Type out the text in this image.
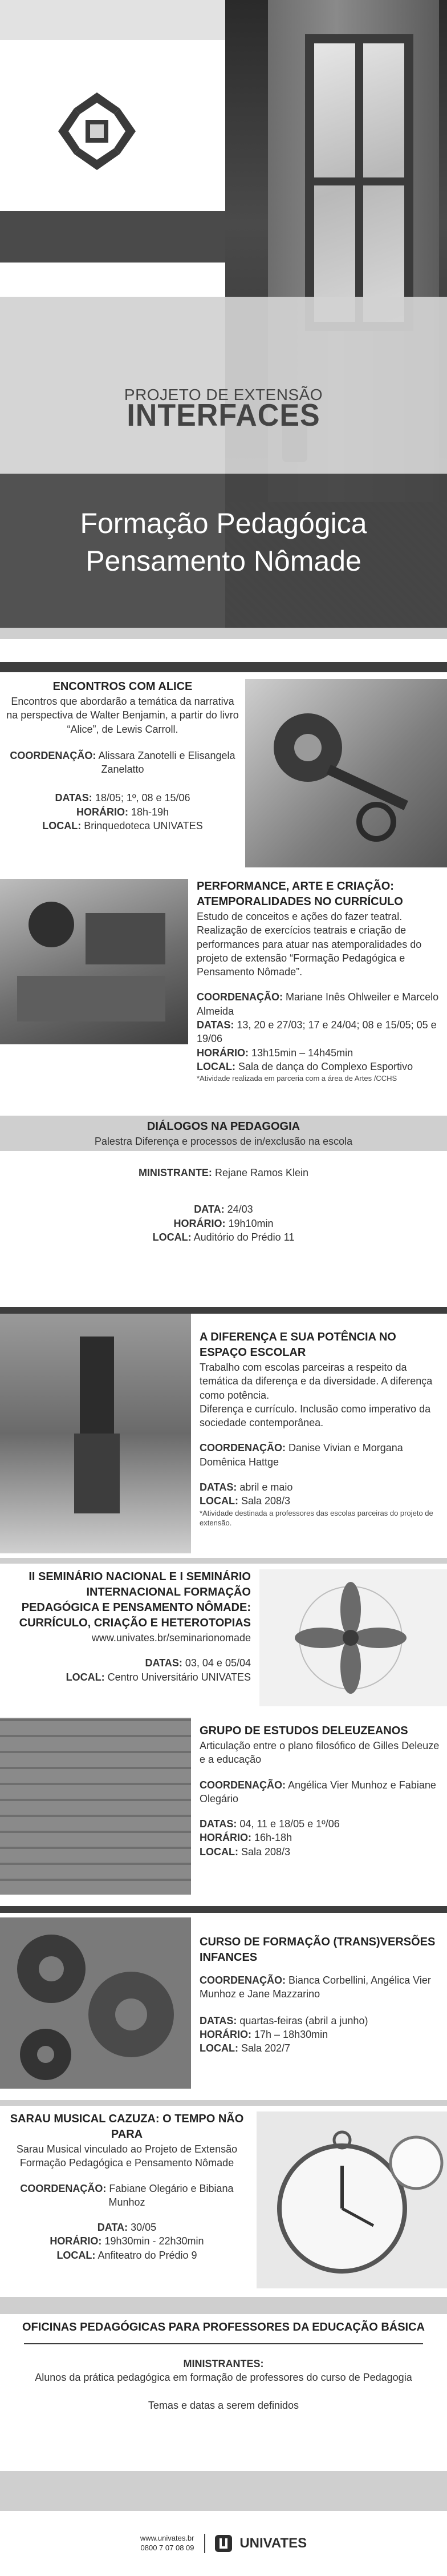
PROJETO DE EXTENSÃO
INTERFACES
Formação Pedagógica
Pensamento Nômade
ENCONTROS COM ALICE
Encontros que abordarão a temática da narrativa na perspectiva de Walter Benjamin, a partir do livro “Alice”, de Lewis Carroll.
COORDENAÇÃO: Alissara Zanotelli e Elisangela Zanelatto
DATAS: 18/05; 1º, 08 e 15/06
HORÁRIO: 18h-19h
LOCAL: Brinquedoteca UNIVATES
PERFORMANCE, ARTE E CRIAÇÃO: ATEMPORALIDADES NO CURRÍCULO
Estudo de conceitos e ações do fazer teatral. Realização de exercícios teatrais e criação de performances para atuar nas atemporalidades do projeto de extensão “Formação Pedagógica e Pensamento Nômade”.
COORDENAÇÃO: Mariane Inês Ohlweiler e Marcelo Almeida
DATAS: 13, 20 e 27/03; 17 e 24/04; 08 e 15/05; 05 e 19/06
HORÁRIO: 13h15min – 14h45min
LOCAL: Sala de dança do Complexo Esportivo
*Atividade realizada em parceria com a área de Artes /CCHS
DIÁLOGOS NA PEDAGOGIA
Palestra Diferença e processos de in/exclusão na escola
MINISTRANTE: Rejane Ramos Klein
DATA: 24/03
HORÁRIO: 19h10min
LOCAL: Auditório do Prédio 11
A DIFERENÇA E SUA POTÊNCIA NO ESPAÇO ESCOLAR
Trabalho com escolas parceiras a respeito da temática da diferença e da diversidade. A diferença como potência.
Diferença e currículo. Inclusão como imperativo da sociedade contemporânea.
COORDENAÇÃO: Danise Vivian e Morgana Domênica Hattge
DATAS: abril e maio
LOCAL: Sala 208/3
*Atividade destinada a professores das escolas parceiras do projeto de extensão.
II SEMINÁRIO NACIONAL E I SEMINÁRIO INTERNACIONAL FORMAÇÃO PEDAGÓGICA E PENSAMENTO NÔMADE: CURRÍCULO, CRIAÇÃO E HETEROTOPIAS
www.univates.br/seminarionomade
DATAS: 03, 04 e 05/04
LOCAL: Centro Universitário UNIVATES
GRUPO DE ESTUDOS DELEUZEANOS
Articulação entre o plano filosófico de Gilles Deleuze e a educação
COORDENAÇÃO: Angélica Vier Munhoz e Fabiane Olegário
DATAS: 04, 11 e 18/05 e 1º/06
HORÁRIO: 16h-18h
LOCAL: Sala 208/3
CURSO DE FORMAÇÃO (TRANS)VERSÕES INFANCES
COORDENAÇÃO: Bianca Corbellini, Angélica Vier Munhoz e Jane Mazzarino
DATAS: quartas-feiras (abril a junho)
HORÁRIO: 17h – 18h30min
LOCAL: Sala 202/7
SARAU MUSICAL CAZUZA: O TEMPO NÃO PARA
Sarau Musical vinculado ao Projeto de Extensão Formação Pedagógica e Pensamento Nômade
COORDENAÇÃO: Fabiane Olegário e Bibiana Munhoz
DATA: 30/05
HORÁRIO: 19h30min - 22h30min
LOCAL: Anfiteatro do Prédio 9
OFICINAS PEDAGÓGICAS PARA PROFESSORES DA EDUCAÇÃO BÁSICA
MINISTRANTES:
Alunos da prática pedagógica em formação de professores do curso de Pedagogia
Temas e datas a serem definidos
www.univates.br
0800 7 07 08 09	UNIVATES
